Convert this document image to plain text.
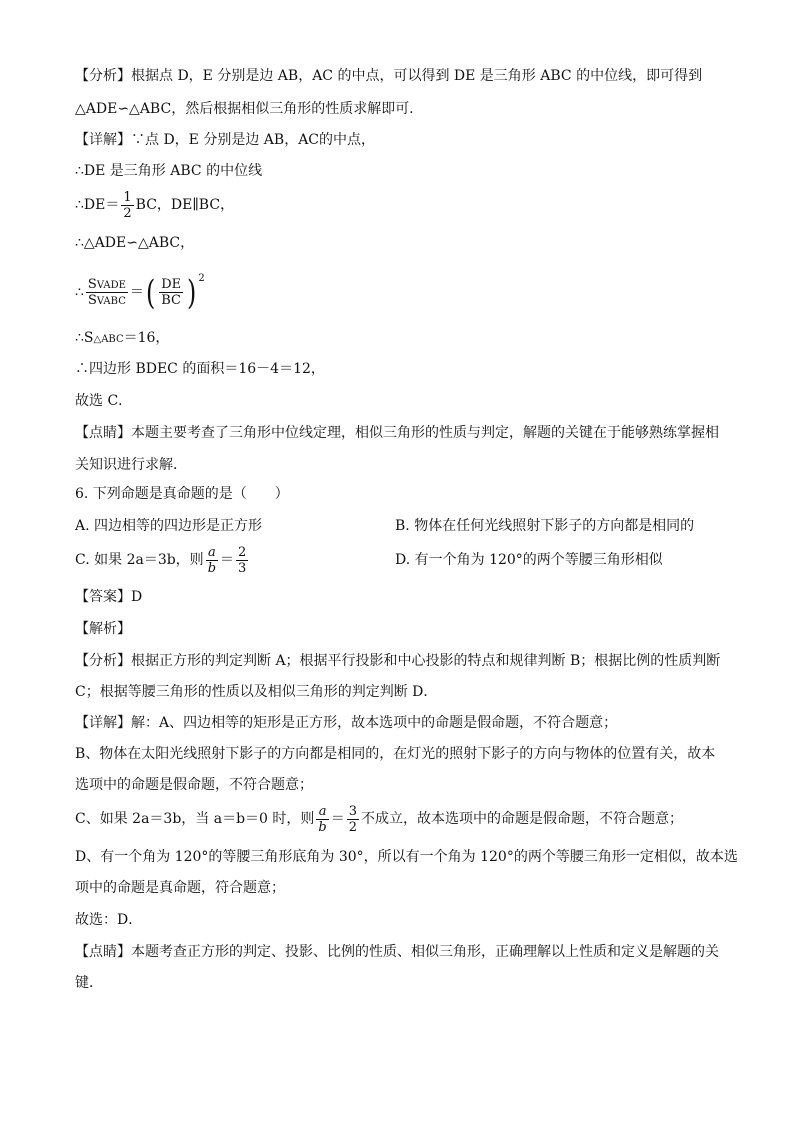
【分析】根据点 D，E 分别是边 AB，AC 的中点，可以得到 DE 是三角形 ABC 的中位线，即可得到
△ADE∽△ABC，然后根据相似三角形的性质求解即可.
【详解】∵点 D，E 分别是边 AB，AC的中点，
∴DE 是三角形 ABC 的中位线
∴DE＝ $\frac{1}{2}$ BC，DE∥BC，
∴△ADE∽△ABC，
∴ $\frac{\text{SVADE}}{\text{SVABC}}$ ＝( $\frac{DE}{BC}$ ) $^2$
∴S△ABC＝16，
∴四边形 BDEC 的面积＝16－4＝12，
故选 C．
【点睛】本题主要考查了三角形中位线定理，相似三角形的性质与判定，解题的关键在于能够熟练掌握相
关知识进行求解.
6. 下列命题是真命题的是（　　）
A. 四边相等的四边形是正方形	B. 物体在任何光线照射下影子的方向都是相同的
C. 如果 2a＝3b，则 $\frac{a}{b} = \frac{2}{3}$	D. 有一个角为 120°的两个等腰三角形相似
【答案】D
【解析】
【分析】根据正方形的判定判断 A；根据平行投影和中心投影的特点和规律判断 B；根据比例的性质判断
C；根据等腰三角形的性质以及相似三角形的判定判断 D．
【详解】解：A、四边相等的矩形是正方形，故本选项中的命题是假命题，不符合题意；
B、物体在太阳光线照射下影子的方向都是相同的，在灯光的照射下影子的方向与物体的位置有关，故本
选项中的命题是假命题，不符合题意；
C、如果 2a＝3b，当 a＝b＝0 时，则 $\frac{a}{b} = \frac{3}{2}$ 不成立，故本选项中的命题是假命题，不符合题意；
D、有一个角为 120°的等腰三角形底角为 30°，所以有一个角为 120°的两个等腰三角形一定相似，故本选
项中的命题是真命题，符合题意；
故选：D．
【点睛】本题考查正方形的判定、投影、比例的性质、相似三角形，正确理解以上性质和定义是解题的关
键．
